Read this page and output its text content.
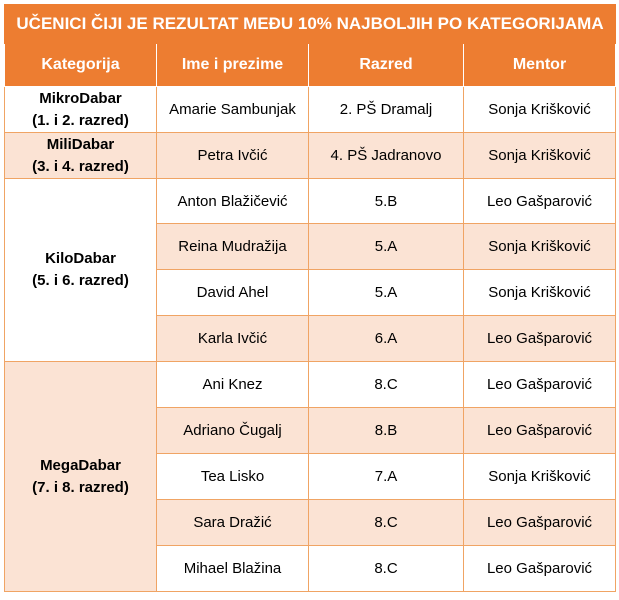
UČENICI ČIJI JE REZULTAT MEĐU 10% NAJBOLJIH PO KATEGORIJAMA			
Kategorija	Ime i prezime	Razred	Mentor

MikroDabar
(1. i 2. razred)	Amarie Sambunjak	2. PŠ Dramalj	Sonja Krišković

MiliDabar
(3. i 4. razred)	Petra Ivčić	4. PŠ Jadranovo	Sonja Krišković

KiloDabar
(5. i 6. razred)	Anton Blažičević	5.B	Leo Gašparović
	Reina Mudražija	5.A	Sonja Krišković
	David Ahel	5.A	Sonja Krišković
	Karla Ivčić	6.A	Leo Gašparović

MegaDabar
(7. i 8. razred)	Ani Knez	8.C	Leo Gašparović
	Adriano Čugalj	8.B	Leo Gašparović
	Tea Lisko	7.A	Sonja Krišković
	Sara Dražić	8.C	Leo Gašparović
	Mihael Blažina	8.C	Leo Gašparović
